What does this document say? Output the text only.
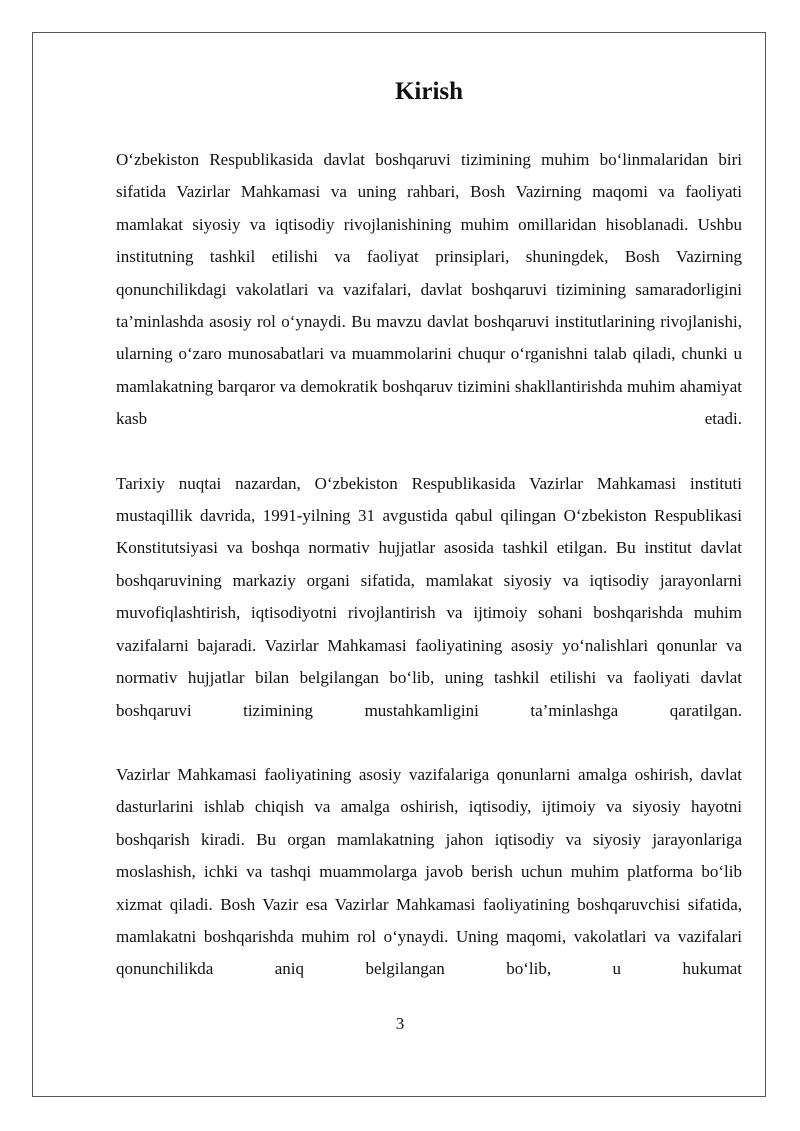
Kirish

O‘zbekiston Respublikasida davlat boshqaruvi tizimining muhim bo‘linmalaridan biri sifatida Vazirlar Mahkamasi va uning rahbari, Bosh Vazirning maqomi va faoliyati mamlakat siyosiy va iqtisodiy rivojlanishining muhim omillaridan hisoblanadi. Ushbu institutning tashkil etilishi va faoliyat prinsiplari, shuningdek, Bosh Vazirning qonunchilikdagi vakolatlari va vazifalari, davlat boshqaruvi tizimining samaradorligini ta’minlashda asosiy rol o‘ynaydi. Bu mavzu davlat boshqaruvi institutlarining rivojlanishi, ularning o‘zaro munosabatlari va muammolarini chuqur o‘rganishni talab qiladi, chunki u mamlakatning barqaror va demokratik boshqaruv tizimini shakllantirishda muhim ahamiyat kasb etadi.

Tarixiy nuqtai nazardan, O‘zbekiston Respublikasida Vazirlar Mahkamasi instituti mustaqillik davrida, 1991-yilning 31 avgustida qabul qilingan O‘zbekiston Respublikasi Konstitutsiyasi va boshqa normativ hujjatlar asosida tashkil etilgan. Bu institut davlat boshqaruvining markaziy organi sifatida, mamlakat siyosiy va iqtisodiy jarayonlarni muvofiqlashtirish, iqtisodiyotni rivojlantirish va ijtimoiy sohani boshqarishda muhim vazifalarni bajaradi. Vazirlar Mahkamasi faoliyatining asosiy yo‘nalishlari qonunlar va normativ hujjatlar bilan belgilangan bo‘lib, uning tashkil etilishi va faoliyati davlat boshqaruvi tizimining mustahkamligini ta’minlashga qaratilgan.

Vazirlar Mahkamasi faoliyatining asosiy vazifalariga qonunlarni amalga oshirish, davlat dasturlarini ishlab chiqish va amalga oshirish, iqtisodiy, ijtimoiy va siyosiy hayotni boshqarish kiradi. Bu organ mamlakatning jahon iqtisodiy va siyosiy jarayonlariga moslashish, ichki va tashqi muammolarga javob berish uchun muhim platforma bo‘lib xizmat qiladi. Bosh Vazir esa Vazirlar Mahkamasi faoliyatining boshqaruvchisi sifatida, mamlakatni boshqarishda muhim rol o‘ynaydi. Uning maqomi, vakolatlari va vazifalari qonunchilikda aniq belgilangan bo‘lib, u hukumat

3
